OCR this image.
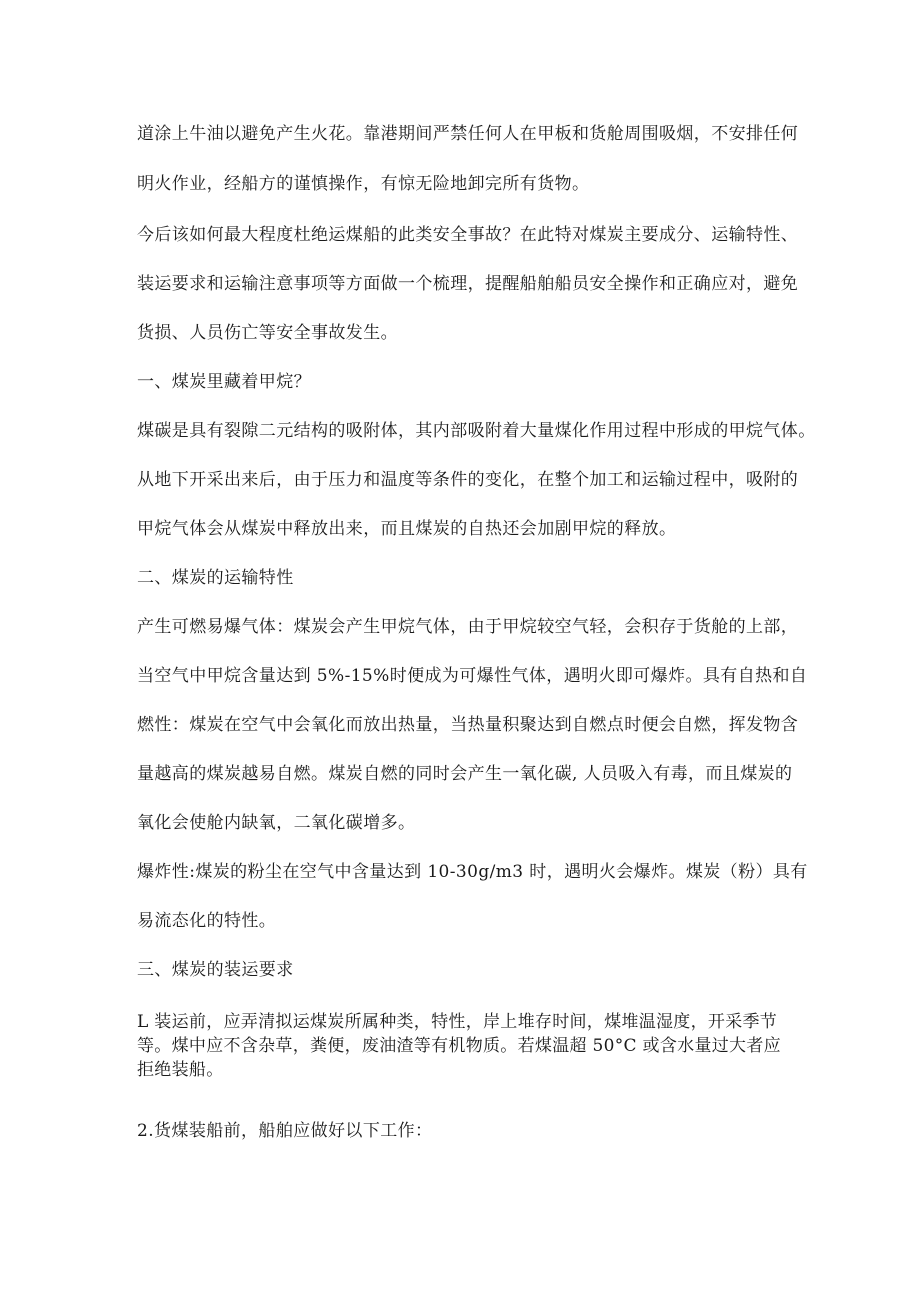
道涂上牛油以避免产生火花。靠港期间严禁任何人在甲板和货舱周围吸烟，不安排任何
明火作业，经船方的谨慎操作，有惊无险地卸完所有货物。
今后该如何最大程度杜绝运煤船的此类安全事故？在此特对煤炭主要成分、运输特性、
装运要求和运输注意事项等方面做一个梳理，提醒船舶船员安全操作和正确应对，避免
货损、人员伤亡等安全事故发生。
一、煤炭里藏着甲烷？
煤碳是具有裂隙二元结构的吸附体，其内部吸附着大量煤化作用过程中形成的甲烷气体。
从地下开采出来后，由于压力和温度等条件的变化，在整个加工和运输过程中，吸附的
甲烷气体会从煤炭中释放出来，而且煤炭的自热还会加剧甲烷的释放。
二、煤炭的运输特性
产生可燃易爆气体：煤炭会产生甲烷气体，由于甲烷较空气轻，会积存于货舱的上部，
当空气中甲烷含量达到 5%-15%时便成为可爆性气体，遇明火即可爆炸。具有自热和自
燃性：煤炭在空气中会氧化而放出热量，当热量积聚达到自燃点时便会自燃，挥发物含
量越高的煤炭越易自燃。煤炭自燃的同时会产生一氧化碳, 人员吸入有毒，而且煤炭的
氧化会使舱内缺氧，二氧化碳增多。
爆炸性:煤炭的粉尘在空气中含量达到 10-30g/m3 时，遇明火会爆炸。煤炭（粉）具有
易流态化的特性。
三、煤炭的装运要求
L 装运前，应弄清拟运煤炭所属种类，特性，岸上堆存时间，煤堆温湿度，开采季节等。煤中应不含杂草，粪便，废油渣等有机物质。若煤温超 50°C 或含水量过大者应拒绝装船。
2.货煤装船前，船舶应做好以下工作：
